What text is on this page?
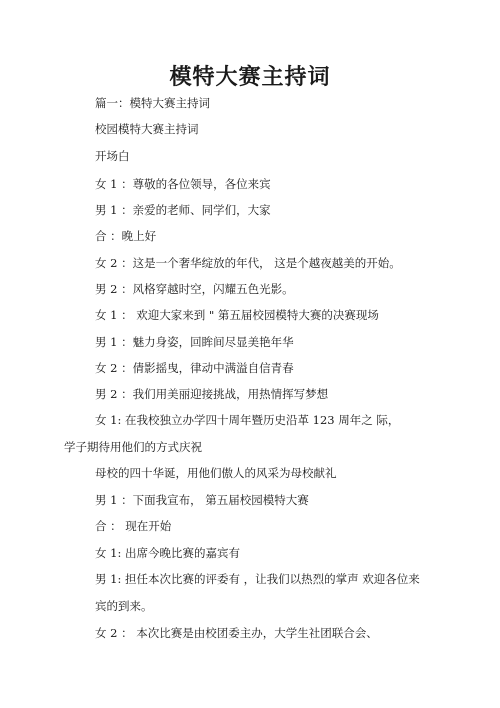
模特大赛主持词
篇一：模特大赛主持词
校园模特大赛主持词
开场白
女 1 ：尊敬的各位领导，各位来宾
男 1 ：亲爱的老师、同学们，大家
合 ：晚上好
女 2 ：这是一个奢华绽放的年代， 这是个越夜越美的开始。
男 2 ：风格穿越时空，闪耀五色光影。
女 1 ： 欢迎大家来到 " 第五届校园模特大赛的决赛现场
男 1 ：魅力身姿，回眸间尽显美艳年华
女 2 ：倩影摇曳，律动中满溢自信青春
男 2 ：我们用美丽迎接挑战，用热情挥写梦想
女 1: 在我校独立办学四十周年暨历史沿革 123 周年之 际，
学子期待用他们的方式庆祝
母校的四十华诞，用他们傲人的风采为母校献礼
男 1 ：下面我宣布， 第五届校园模特大赛
合 ： 现在开始
女 1: 出席今晚比赛的嘉宾有
男 1: 担任本次比赛的评委有 ，让我们以热烈的掌声 欢迎各位来
宾的到来。
女 2 ： 本次比赛是由校团委主办，大学生社团联合会、
